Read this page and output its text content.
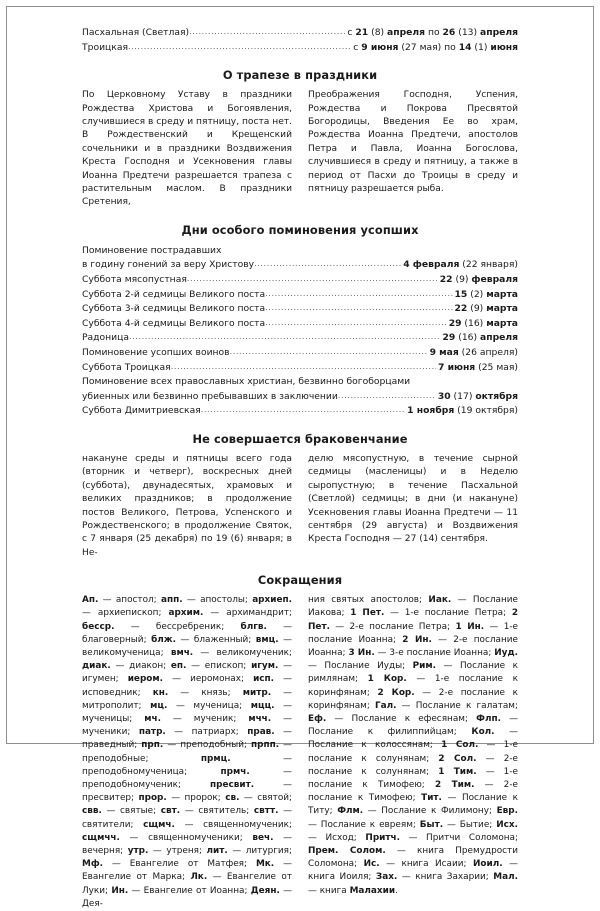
Пасхальная (Светлая) .....	с 21 (8) апреля по 26 (13) апреля
Троицкая .....	с 9 июня (27 мая) по 14 (1) июня
О трапезе в праздники

По Церковному Уставу в праздники Рождества Христова и Богоявления, случившиеся в среду и пятницу, поста нет. В Рождественский и Крещенский сочельники и в праздники Воздвижения Креста Господня и Усекновения главы Иоанна Предтечи разрешается трапеза с растительным маслом. В праздники Сретения,

Преображения Господня, Успения, Рождества и Покрова Пресвятой Богородицы, Введения Ее во храм, Рождества Иоанна Предтечи, апостолов Петра и Павла, Иоанна Богослова, случившиеся в среду и пятницу, а также в период от Пасхи до Троицы в среду и пятницу разрешается рыба.

Дни особого поминовения усопших
Поминовение пострадавших
в годину гонений за веру Христову .....	4 февраля (22 января)
Суббота мясопустная .....	22 (9) февраля
Суббота 2-й седмицы Великого поста .....	15 (2) марта
Суббота 3-й седмицы Великого поста .....	22 (9) марта
Суббота 4-й седмицы Великого поста .....	29 (16) марта
Радоница .....	29 (16) апреля
Поминовение усопших воинов .....	9 мая (26 апреля)
Суббота Троицкая .....	7 июня (25 мая)
Поминовение всех православных христиан, безвинно богоборцами
убиенных или безвинно пребывавших в заключении .....	30 (17) октября
Суббота Димитриевская .....	1 ноября (19 октября)
Не совершается браковенчание

накануне среды и пятницы всего года (вторник и четверг), воскресных дней (суббота), двунадесятых, храмовых и великих праздников; в продолжение постов Великого, Петрова, Успенского и Рождественского; в продолжение Святок, с 7 января (25 декабря) по 19 (6) января; в Не-

делю мясопустную, в течение сырной седмицы (масленицы) и в Неделю сыропустную; в течение Пасхальной (Светлой) седмицы; в дни (и накануне) Усекновения главы Иоанна Предтечи — 11 сентября (29 августа) и Воздвижения Креста Господня — 27 (14) сентября.

Сокращения

Ап. — апостол; апп. — апостолы; архиеп. — архиепископ; архим. — архимандрит; бесср. — бессребреник; блгв. — благоверный; блж. — блаженный; вмц. — великомученица; вмч. — великомученик; диак. — диакон; еп. — епископ; игум. — игумен; иером. — иеромонах; исп. — исповедник; кн. — князь; митр. — митрополит; мц. — мученица; мцц. — мученицы; мч. — мученик; мчч. — мученики; патр. — патриарх; прав. — праведный; прп. — преподобный; прпп. — преподобные; прмц. — преподобномученица; прмч. — преподобномученик; пресвит. — пресвитер; прор. — пророк; св. — святой; свв. — святые; свт. — святитель; свтт. — святители; сщмч. — священномученик; сщмчч. — священномученики; веч. — вечерня; утр. — утреня; лит. — литургия; Мф. — Евангелие от Матфея; Мк. — Евангелие от Марка; Лк. — Евангелие от Луки; Ин. — Евангелие от Иоанна; Деян. — Дея-

ния святых апостолов; Иак. — Послание Иакова; 1 Пет. — 1-е послание Петра; 2 Пет. — 2-е послание Петра; 1 Ин. — 1-е послание Иоанна; 2 Ин. — 2-е послание Иоанна; 3 Ин. — 3-е послание Иоанна; Иуд. — Послание Иуды; Рим. — Послание к римлянам; 1 Кор. — 1-е послание к коринфянам; 2 Кор. — 2-е послание к коринфянам; Гал. — Послание к галатам; Еф. — Послание к ефесянам; Флп. — Послание к филиппийцам; Кол. — Послание к колоссянам; 1 Сол. — 1-е послание к солунянам; 2 Сол. — 2-е послание к солунянам; 1 Тим. — 1-е послание к Тимофею; 2 Тим. — 2-е послание к Тимофею; Тит. — Послание к Титу; Флм. — Послание к Филимону; Евр. — Послание к евреям; Быт. — Бытие; Исх. — Исход; Притч. — Притчи Соломона; Прем. Солом. — книга Премудрости Соломона; Ис. — книга Исаии; Иоил. — книга Иоиля; Зах. — книга Захарии; Мал. — книга Малахии.
